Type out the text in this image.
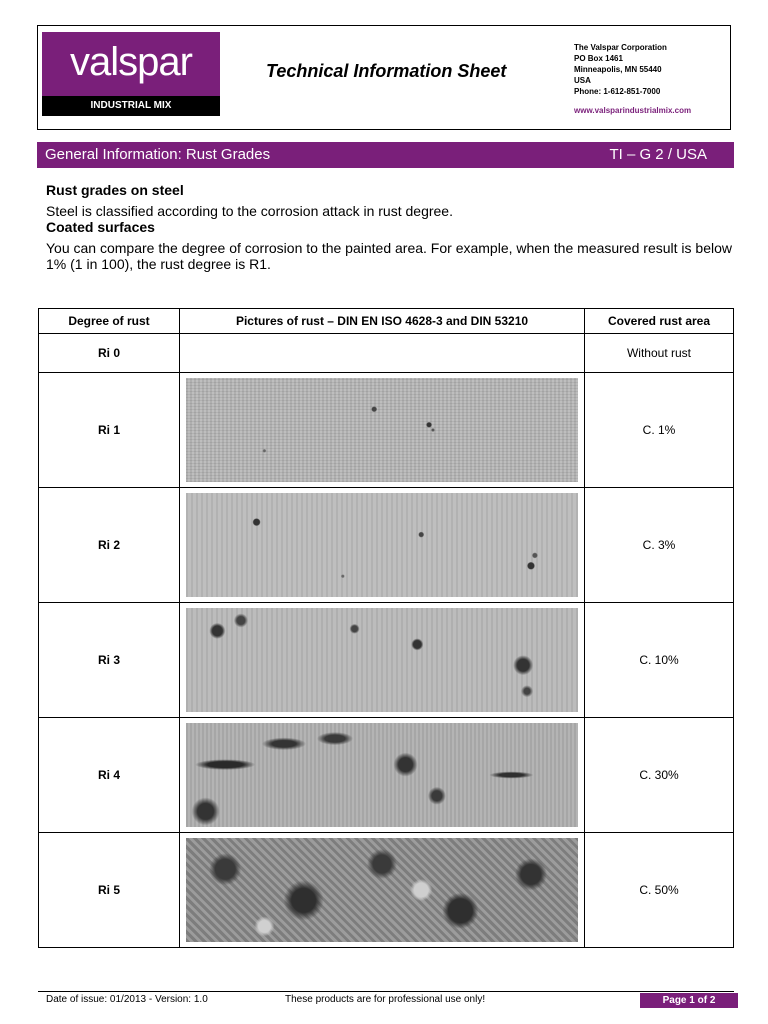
valspar
INDUSTRIAL MIX
Technical Information Sheet
The Valspar Corporation
PO Box 1461
Minneapolis, MN 55440
USA
Phone: 1-612-851-7000
www.valsparindustrialmix.com
General Information: Rust Grades	TI – G 2 / USA
Rust grades on steel

Steel is classified according to the corrosion attack in rust degree.

Coated surfaces

You can compare the degree of corrosion to the painted area. For example, when the measured result is below 1% (1 in 100), the rust degree is R1.

Degree of rust	Pictures of rust – DIN EN ISO 4628-3 and DIN 53210	Covered rust area
Ri 0		Without rust
Ri 1		C. 1%
Ri 2		C. 3%
Ri 3		C. 10%
Ri 4		C. 30%
Ri 5		C. 50%
Date of issue: 01/2013 - Version: 1.0	These products are for professional use only!	Page 1 of 2
